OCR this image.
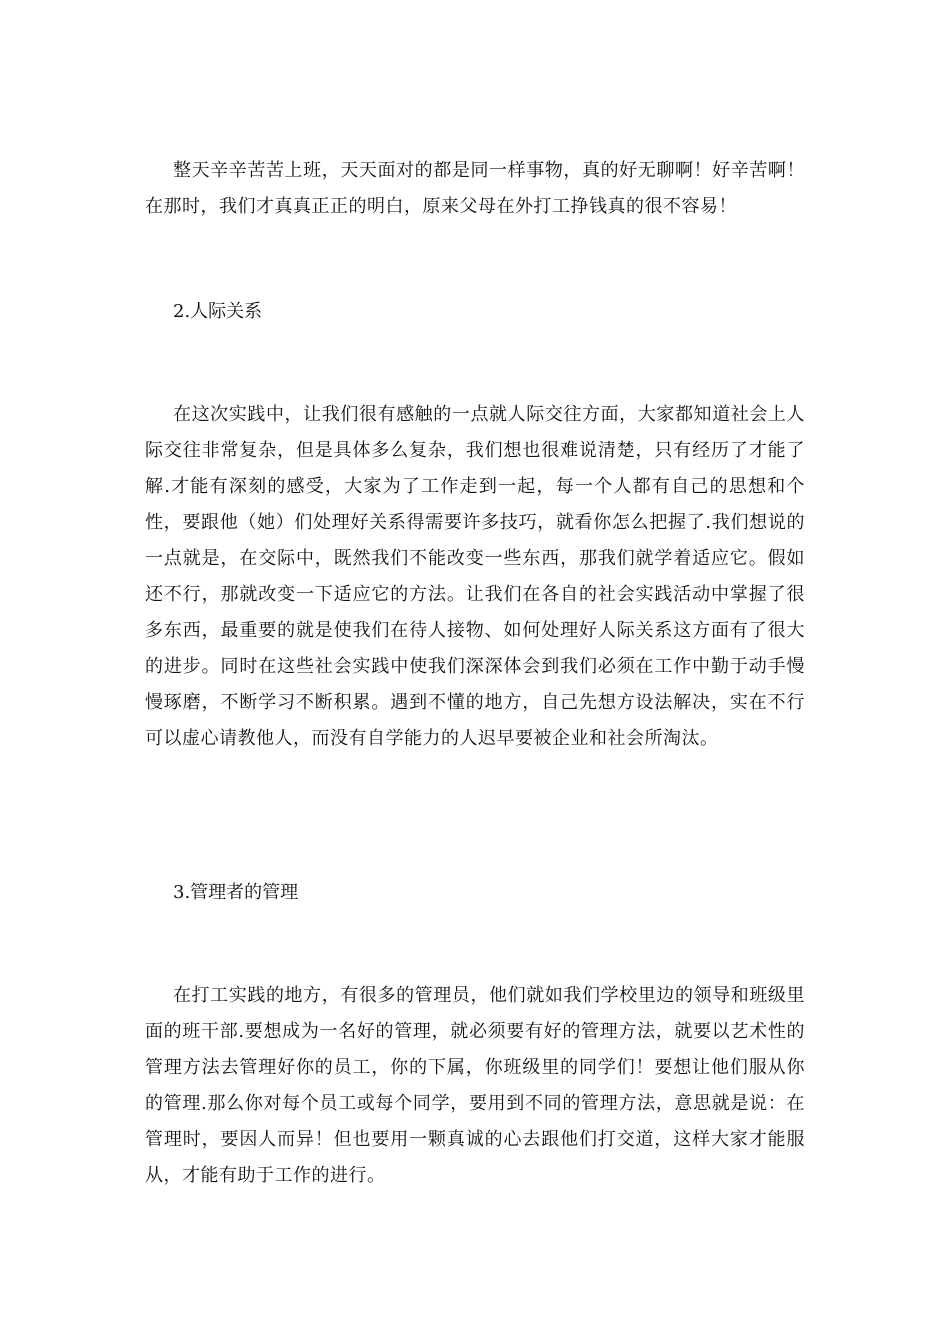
整天辛辛苦苦上班，天天面对的都是同一样事物，真的好无聊啊！好辛苦啊！在那时，我们才真真正正的明白，原来父母在外打工挣钱真的很不容易！

2.人际关系

在这次实践中，让我们很有感触的一点就人际交往方面，大家都知道社会上人际交往非常复杂，但是具体多么复杂，我们想也很难说清楚，只有经历了才能了解.才能有深刻的感受，大家为了工作走到一起，每一个人都有自己的思想和个性，要跟他（她）们处理好关系得需要许多技巧，就看你怎么把握了.我们想说的一点就是，在交际中，既然我们不能改变一些东西，那我们就学着适应它。假如还不行，那就改变一下适应它的方法。让我们在各自的社会实践活动中掌握了很多东西，最重要的就是使我们在待人接物、如何处理好人际关系这方面有了很大的进步。同时在这些社会实践中使我们深深体会到我们必须在工作中勤于动手慢慢琢磨，不断学习不断积累。遇到不懂的地方，自己先想方设法解决，实在不行可以虚心请教他人，而没有自学能力的人迟早要被企业和社会所淘汰。

3.管理者的管理

在打工实践的地方，有很多的管理员，他们就如我们学校里边的领导和班级里面的班干部.要想成为一名好的管理，就必须要有好的管理方法，就要以艺术性的管理方法去管理好你的员工，你的下属，你班级里的同学们！要想让他们服从你的管理.那么你对每个员工或每个同学，要用到不同的管理方法，意思就是说：在管理时，要因人而异！但也要用一颗真诚的心去跟他们打交道，这样大家才能服从，才能有助于工作的进行。
